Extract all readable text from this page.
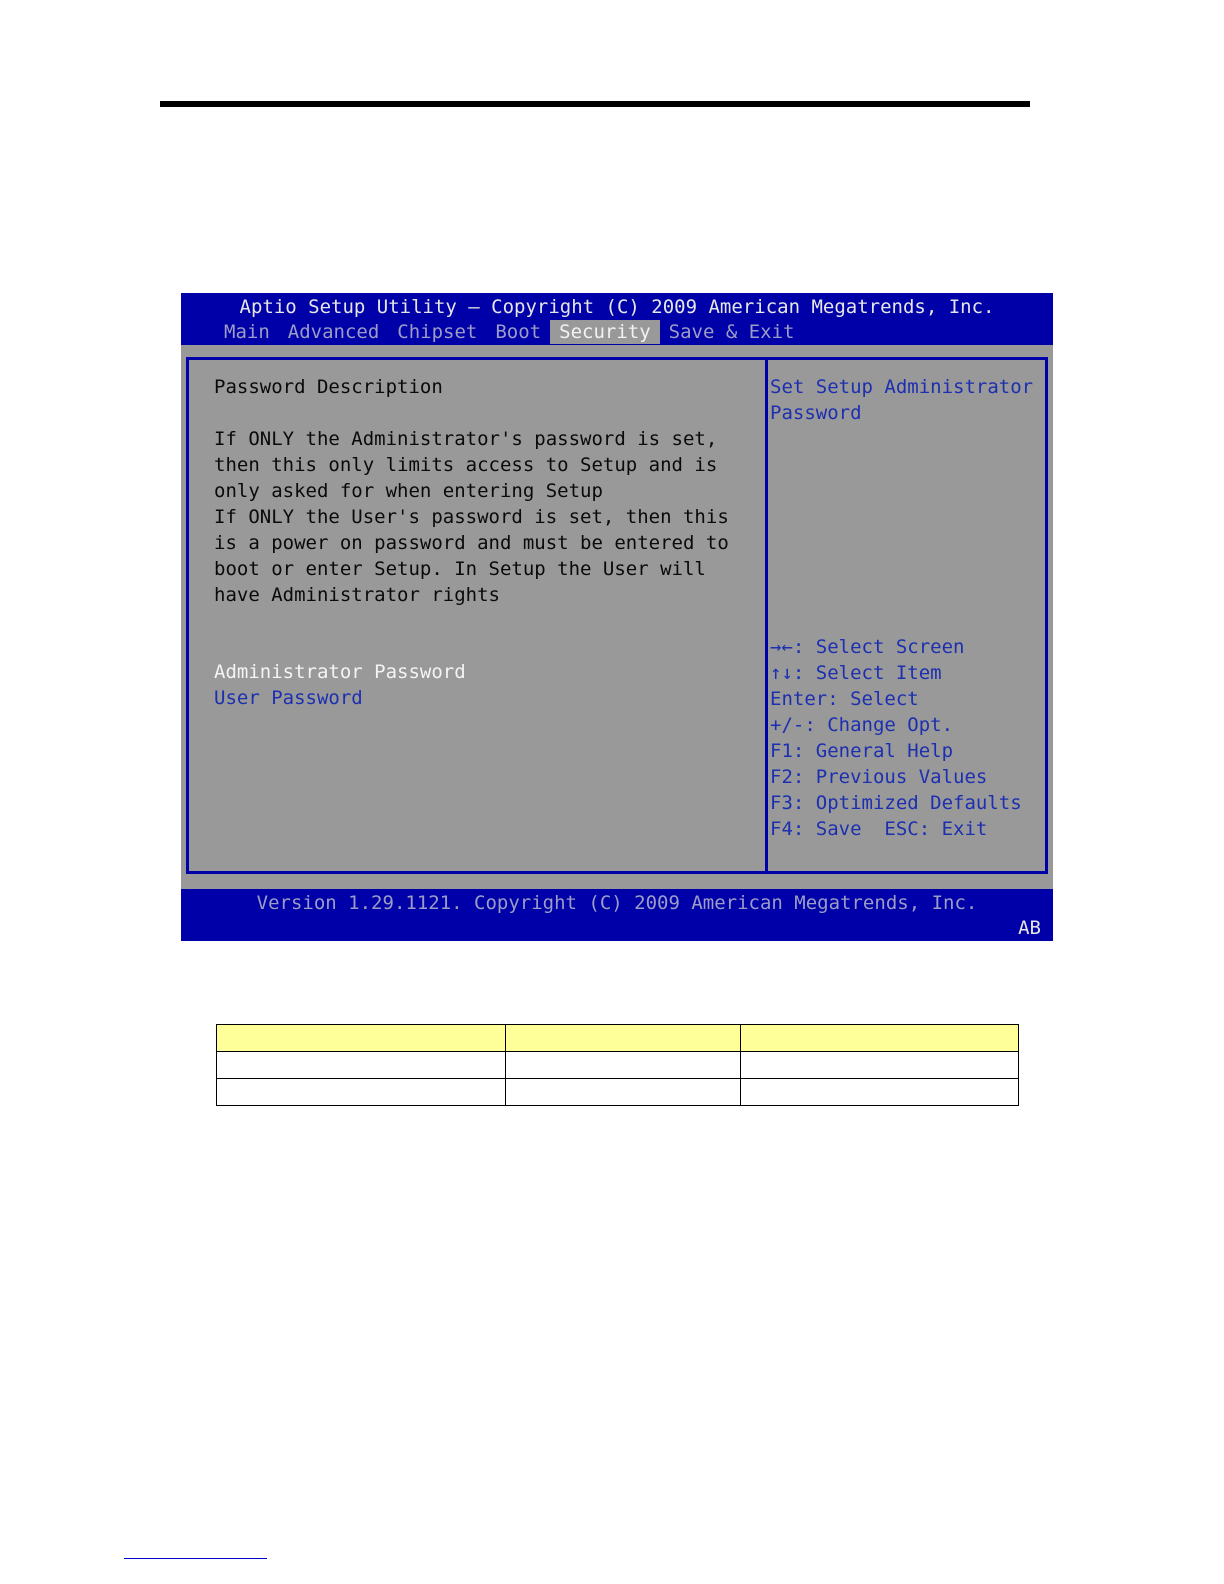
Aptio Setup Utility – Copyright (C) 2009 American Megatrends, Inc.
Main Advanced Chipset Boot Security Save & Exit
Password Description
If ONLY the Administrator's password is set,
then this only limits access to Setup and is
only asked for when entering Setup
If ONLY the User's password is set, then this
is a power on password and must be entered to
boot or enter Setup. In Setup the User will
have Administrator rights
Administrator Password
User Password
Set Setup Administrator
Password
→←: Select Screen
↑↓: Select Item
Enter: Select
+/-: Change Opt.
F1: General Help
F2: Previous Values
F3: Optimized Defaults
F4: Save  ESC: Exit
Version 1.29.1121. Copyright (C) 2009 American Megatrends, Inc.
AB
